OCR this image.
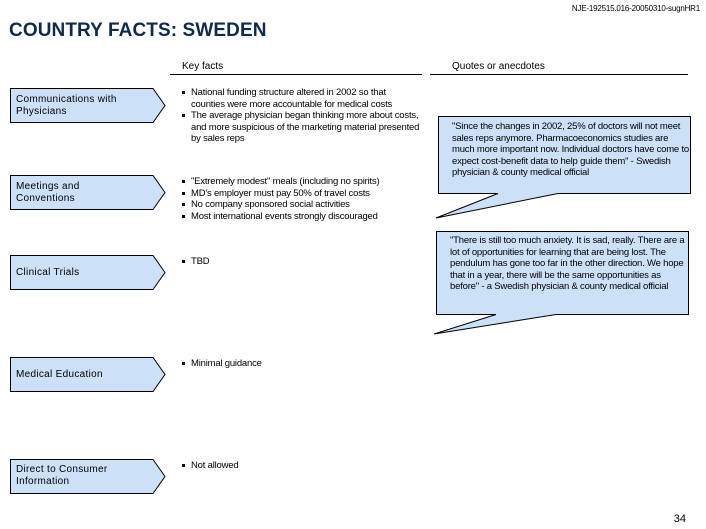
NJE-192515.016-20050310-sugnHR1
COUNTRY FACTS: SWEDEN
Key facts	Quotes or anecdotes
Communications with
Physicians
National funding structure altered in 2002 so that counties were more accountable for medical costs
The average physician began thinking more about costs, and more suspicious of the marketing material presented by sales reps
Meetings and
Conventions
"Extremely modest" meals (including no spirits)
MD's employer must pay 50% of travel costs
No company sponsored social activities
Most international events strongly discouraged
Clinical Trials
TBD
Medical Education
Minimal guidance
Direct to Consumer
Information
Not allowed
"Since the changes in 2002, 25% of doctors will not meet sales reps anymore. Pharmacoeconomics studies are much more important now. Individual doctors have come to expect cost-benefit data to help guide them" - Swedish physician & county medical official
"There is still too much anxiety. It is sad, really. There are a lot of opportunities for learning that are being lost. The pendulum has gone too far in the other direction. We hope that in a year, there will be the same opportunities as before" - a Swedish physician & county medical official
34
